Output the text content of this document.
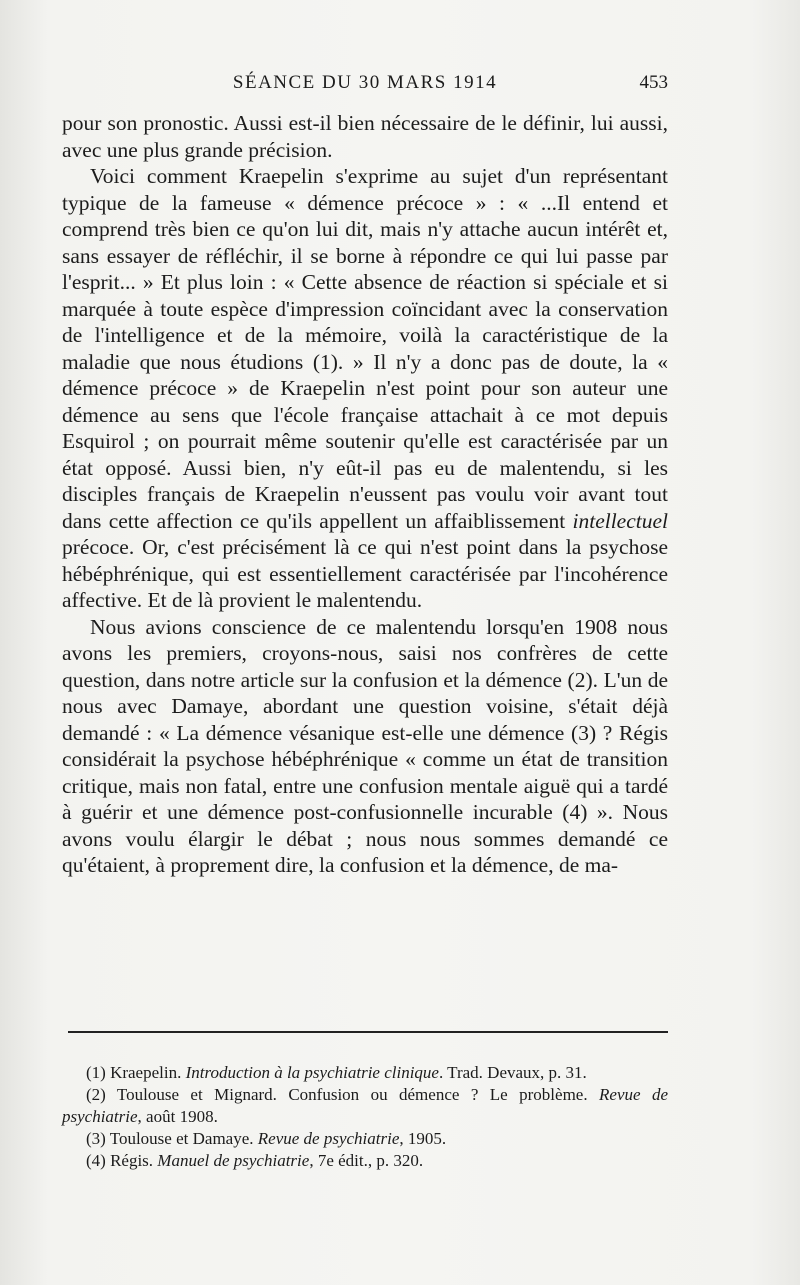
SÉANCE DU 30 MARS 1914	453

pour son pronostic. Aussi est-il bien nécessaire de le définir, lui aussi, avec une plus grande précision.

Voici comment Kraepelin s'exprime au sujet d'un représentant typique de la fameuse « démence précoce » : « ...Il entend et comprend très bien ce qu'on lui dit, mais n'y attache aucun intérêt et, sans essayer de réfléchir, il se borne à répondre ce qui lui passe par l'esprit... » Et plus loin : « Cette absence de réaction si spéciale et si marquée à toute espèce d'impression coïncidant avec la conservation de l'intelligence et de la mémoire, voilà la caractéristique de la maladie que nous étudions (1). » Il n'y a donc pas de doute, la « démence précoce » de Kraepelin n'est point pour son auteur une démence au sens que l'école française attachait à ce mot depuis Esquirol ; on pourrait même soutenir qu'elle est caractérisée par un état opposé. Aussi bien, n'y eût-il pas eu de malentendu, si les disciples français de Kraepelin n'eussent pas voulu voir avant tout dans cette affection ce qu'ils appellent un affaiblissement intellectuel précoce. Or, c'est précisément là ce qui n'est point dans la psychose hébéphrénique, qui est essentiellement caractérisée par l'incohérence affective. Et de là provient le malentendu.

Nous avions conscience de ce malentendu lorsqu'en 1908 nous avons les premiers, croyons-nous, saisi nos confrères de cette question, dans notre article sur la confusion et la démence (2). L'un de nous avec Damaye, abordant une question voisine, s'était déjà demandé : « La démence vésanique est-elle une démence (3) ? Régis considérait la psychose hébéphrénique « comme un état de transition critique, mais non fatal, entre une confusion mentale aiguë qui a tardé à guérir et une démence post-confusionnelle incurable (4) ». Nous avons voulu élargir le débat ; nous nous sommes demandé ce qu'étaient, à proprement dire, la confusion et la démence, de ma-

(1) Kraepelin. Introduction à la psychiatrie clinique. Trad. Devaux, p. 31.

(2) Toulouse et Mignard. Confusion ou démence ? Le problème. Revue de psychiatrie, août 1908.

(3) Toulouse et Damaye. Revue de psychiatrie, 1905.

(4) Régis. Manuel de psychiatrie, 7e édit., p. 320.
